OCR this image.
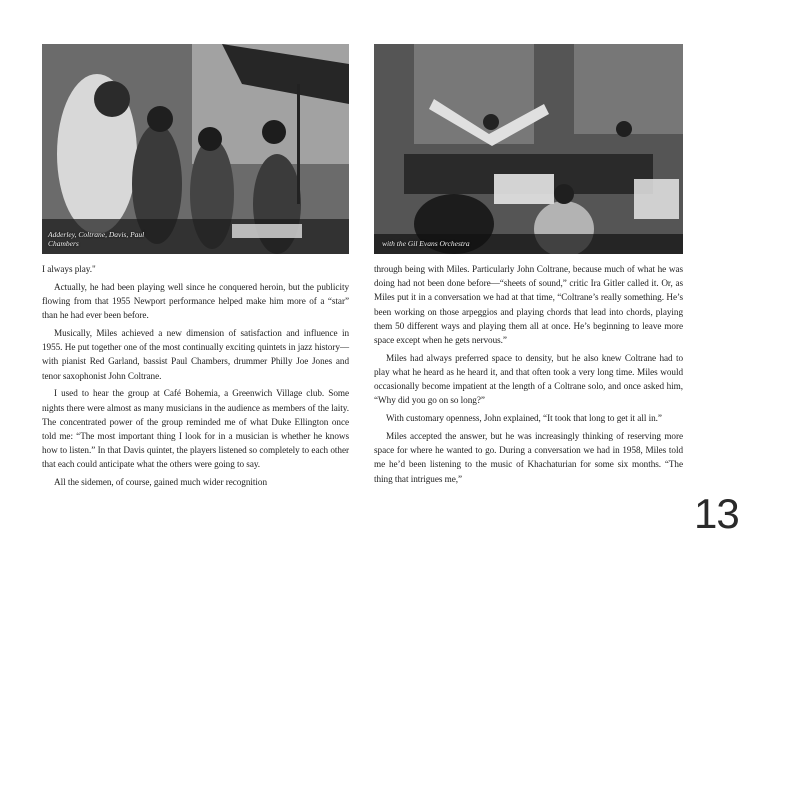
Adderley, Coltrane, Davis, Paul Chambers	with the Gil Evans Orchestra

I always play."

Actually, he had been playing well since he conquered heroin, but the publicity flowing from that 1955 Newport performance helped make him more of a “star” than he had ever been before.

Musically, Miles achieved a new dimension of satisfaction and influence in 1955. He put together one of the most continually exciting quintets in jazz history—with pianist Red Garland, bassist Paul Chambers, drummer Philly Joe Jones and tenor saxophonist John Coltrane.

I used to hear the group at Café Bohemia, a Greenwich Village club. Some nights there were almost as many musicians in the audience as members of the laity. The concentrated power of the group reminded me of what Duke Ellington once told me: “The most important thing I look for in a musician is whether he knows how to listen.” In that Davis quintet, the players listened so completely to each other that each could anticipate what the others were going to say.

All the sidemen, of course, gained much wider recognition

through being with Miles. Particularly John Coltrane, because much of what he was doing had not been done before—“sheets of sound,” critic Ira Gitler called it. Or, as Miles put it in a conversation we had at that time, “Coltrane’s really something. He’s been working on those arpeggios and playing chords that lead into chords, playing them 50 different ways and playing them all at once. He’s beginning to leave more space except when he gets nervous.”

Miles had always preferred space to density, but he also knew Coltrane had to play what he heard as he heard it, and that often took a very long time. Miles would occasionally become impatient at the length of a Coltrane solo, and once asked him, “Why did you go on so long?”

With customary openness, John explained, “It took that long to get it all in.”

Miles accepted the answer, but he was increasingly thinking of reserving more space for where he wanted to go. During a conversation we had in 1958, Miles told me he’d been listening to the music of Khachaturian for some six months. “The thing that intrigues me,”

13
